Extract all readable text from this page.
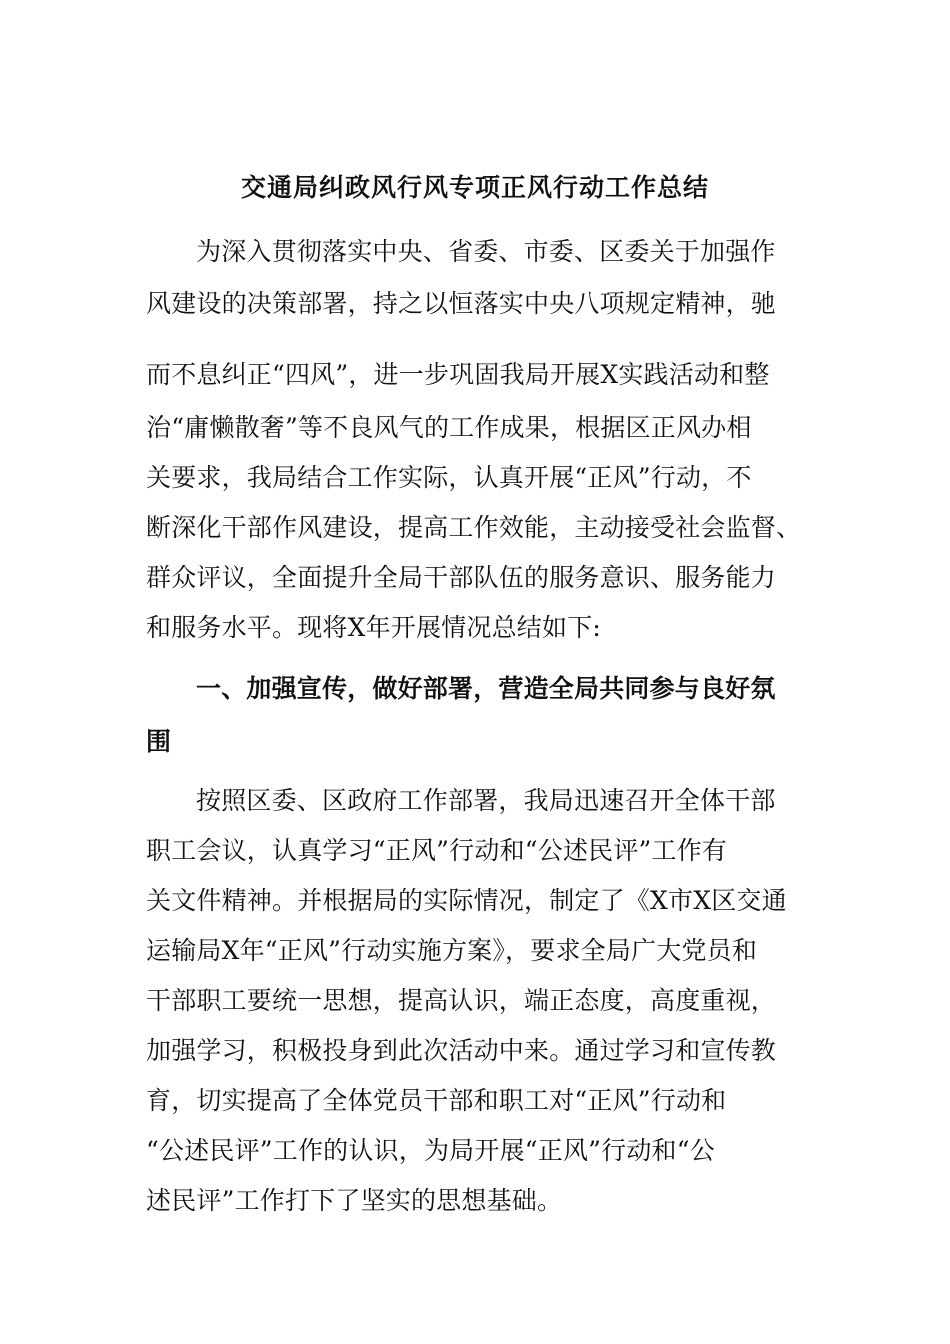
交通局纠政风行风专项正风行动工作总结
为深入贯彻落实中央、省委、市委、区委关于加强作
风建设的决策部署，持之以恒落实中央八项规定精神，驰
而不息纠正“四风”，进一步巩固我局开展X实践活动和整
治“庸懒散奢”等不良风气的工作成果，根据区正风办相
关要求，我局结合工作实际，认真开展“正风”行动，不
断深化干部作风建设，提高工作效能，主动接受社会监督、
群众评议，全面提升全局干部队伍的服务意识、服务能力
和服务水平。现将X年开展情况总结如下:
一、加强宣传，做好部署，营造全局共同参与良好氛
围
按照区委、区政府工作部署，我局迅速召开全体干部
职工会议，认真学习“正风”行动和“公述民评”工作有
关文件精神。并根据局的实际情况，制定了《X市X区交通
运输局X年“正风”行动实施方案》，要求全局广大党员和
干部职工要统一思想，提高认识，端正态度，高度重视，
加强学习，积极投身到此次活动中来。通过学习和宣传教
育，切实提高了全体党员干部和职工对“正风”行动和
“公述民评”工作的认识，为局开展“正风”行动和“公
述民评”工作打下了坚实的思想基础。
